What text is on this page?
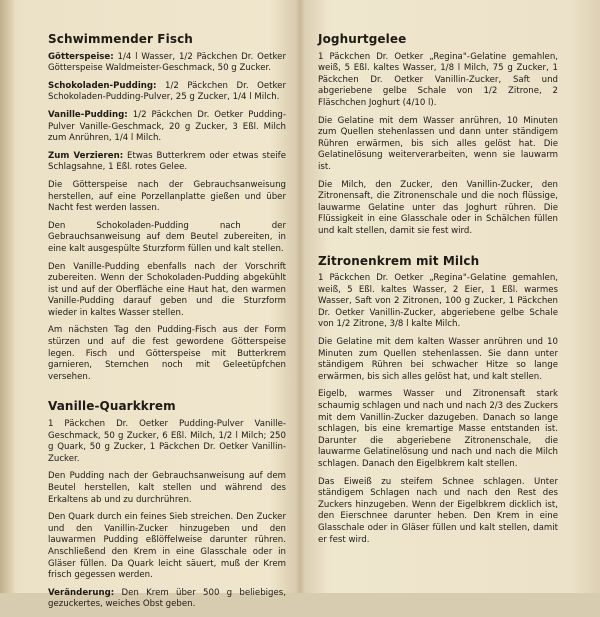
Schwimmender Fisch

Götterspeise: 1/4 l Wasser, 1/2 Päckchen Dr. Oetker Götterspeise Waldmeister-Geschmack, 50 g Zucker.

Schokoladen-Pudding: 1/2 Päckchen Dr. Oetker Schokoladen-Pudding-Pulver, 25 g Zucker, 1/4 l Milch.

Vanille-Pudding: 1/2 Päckchen Dr. Oetker Pudding-Pulver Vanille-Geschmack, 20 g Zucker, 3 Eßl. Milch zum Anrühren, 1/4 l Milch.

Zum Verzieren: Etwas Butterkrem oder etwas steife Schlagsahne, 1 Eßl. rotes Gelee.

Die Götterspeise nach der Gebrauchsanweisung herstellen, auf eine Porzellanplatte gießen und über Nacht fest werden lassen.

Den Schokoladen-Pudding nach der Gebrauchsanweisung auf dem Beutel zubereiten, in eine kalt ausgespülte Sturzform füllen und kalt stellen.

Den Vanille-Pudding ebenfalls nach der Vorschrift zubereiten. Wenn der Schokoladen-Pudding abgekühlt ist und auf der Oberfläche eine Haut hat, den warmen Vanille-Pudding darauf geben und die Sturzform wieder in kaltes Wasser stellen.

Am nächsten Tag den Pudding-Fisch aus der Form stürzen und auf die fest gewordene Götterspeise legen. Fisch und Götterspeise mit Butterkrem garnieren, Sternchen noch mit Geleetüpfchen versehen.

Vanille-Quarkkrem

1 Päckchen Dr. Oetker Pudding-Pulver Vanille-Geschmack, 50 g Zucker, 6 Eßl. Milch, 1/2 l Milch; 250 g Quark, 50 g Zucker, 1 Päckchen Dr. Oetker Vanillin-Zucker.

Den Pudding nach der Gebrauchsanweisung auf dem Beutel herstellen, kalt stellen und während des Erkaltens ab und zu durchrühren.

Den Quark durch ein feines Sieb streichen. Den Zucker und den Vanillin-Zucker hinzugeben und den lauwarmen Pudding eßlöffelweise darunter rühren. Anschließend den Krem in eine Glasschale oder in Gläser füllen. Da Quark leicht säuert, muß der Krem frisch gegessen werden.

Veränderung: Den Krem über 500 g beliebiges, gezuckertes, weiches Obst geben.

Joghurtgelee

1 Päckchen Dr. Oetker „Regina"-Gelatine gemahlen, weiß, 5 Eßl. kaltes Wasser, 1/8 l Milch, 75 g Zucker, 1 Päckchen Dr. Oetker Vanillin-Zucker, Saft und abgeriebene gelbe Schale von 1/2 Zitrone, 2 Fläschchen Joghurt (4/10 l).

Die Gelatine mit dem Wasser anrühren, 10 Minuten zum Quellen stehenlassen und dann unter ständigem Rühren erwärmen, bis sich alles gelöst hat. Die Gelatinelösung weiterverarbeiten, wenn sie lauwarm ist.

Die Milch, den Zucker, den Vanillin-Zucker, den Zitronensaft, die Zitronenschale und die noch flüssige, lauwarme Gelatine unter das Joghurt rühren. Die Flüssigkeit in eine Glasschale oder in Schälchen füllen und kalt stellen, damit sie fest wird.

Zitronenkrem mit Milch

1 Päckchen Dr. Oetker „Regina"-Gelatine gemahlen, weiß, 5 Eßl. kaltes Wasser, 2 Eier, 1 Eßl. warmes Wasser, Saft von 2 Zitronen, 100 g Zucker, 1 Päckchen Dr. Oetker Vanillin-Zucker, abgeriebene gelbe Schale von 1/2 Zitrone, 3/8 l kalte Milch.

Die Gelatine mit dem kalten Wasser anrühren und 10 Minuten zum Quellen stehenlassen. Sie dann unter ständigem Rühren bei schwacher Hitze so lange erwärmen, bis sich alles gelöst hat, und kalt stellen.

Eigelb, warmes Wasser und Zitronensaft stark schaumig schlagen und nach und nach 2/3 des Zuckers mit dem Vanillin-Zucker dazugeben. Danach so lange schlagen, bis eine kremartige Masse entstanden ist. Darunter die abgeriebene Zitronenschale, die lauwarme Gelatinelösung und nach und nach die Milch schlagen. Danach den Eigelbkrem kalt stellen.

Das Eiweiß zu steifem Schnee schlagen. Unter ständigem Schlagen nach und nach den Rest des Zuckers hinzugeben. Wenn der Eigelbkrem dicklich ist, den Eierschnee darunter heben. Den Krem in eine Glasschale oder in Gläser füllen und kalt stellen, damit er fest wird.
